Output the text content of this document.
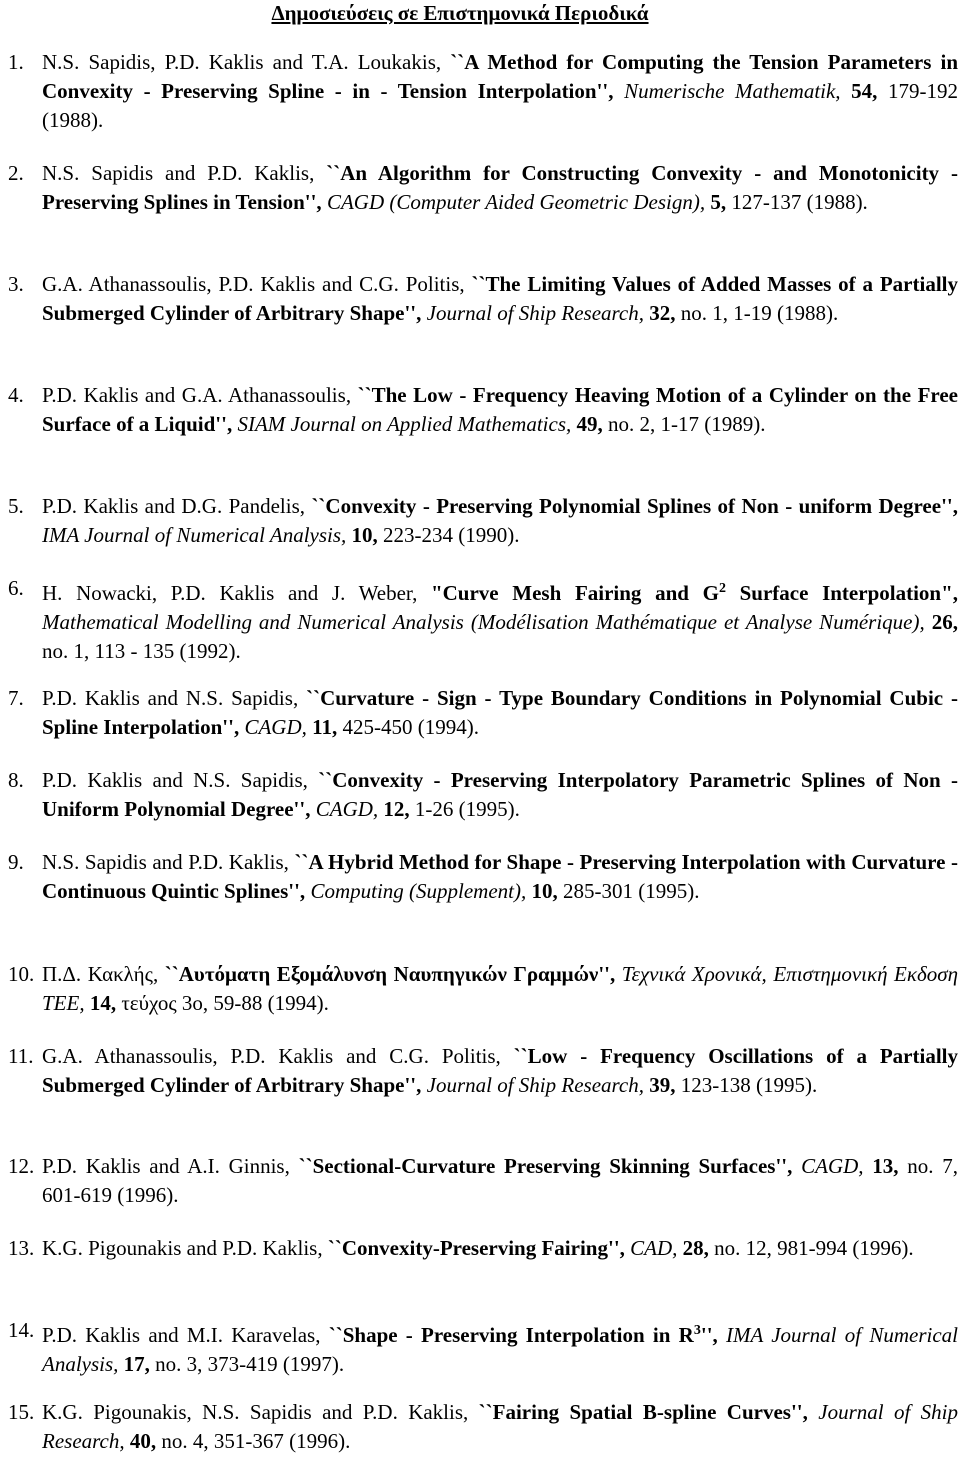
Δημοσιεύσεις σε Επιστημονικά Περιοδικά
1. N.S. Sapidis, P.D. Kaklis and T.A. Loukakis, ``A Method for Computing the Tension Parameters in Convexity - Preserving Spline - in - Tension Interpolation'', Numerische Mathematik, 54, 179-192 (1988).
2. N.S. Sapidis and P.D. Kaklis, ``An Algorithm for Constructing Convexity - and Monotonicity - Preserving Splines in Tension'', CAGD (Computer Aided Geometric Design), 5, 127-137 (1988).
3. G.A. Athanassoulis, P.D. Kaklis and C.G. Politis, ``The Limiting Values of Added Masses of a Partially Submerged Cylinder of Arbitrary Shape'', Journal of Ship Research, 32, no. 1, 1-19 (1988).
4. P.D. Kaklis and G.A. Athanassoulis, ``The Low - Frequency Heaving Motion of a Cylinder on the Free Surface of a Liquid'', SIAM Journal on Applied Mathematics, 49, no. 2, 1-17 (1989).
5. P.D. Kaklis and D.G. Pandelis, ``Convexity - Preserving Polynomial Splines of Non - uniform Degree'', IMA Journal of Numerical Analysis, 10, 223-234 (1990).
6. H. Nowacki, P.D. Kaklis and J. Weber, "Curve Mesh Fairing and $G^2$ Surface Interpolation", Mathematical Modelling and Numerical Analysis (Modélisation Mathématique et Analyse Numérique), 26, no. 1, 113 - 135 (1992).
7. P.D. Kaklis and N.S. Sapidis, ``Curvature - Sign - Type Boundary Conditions in Polynomial Cubic - Spline Interpolation'', CAGD, 11, 425-450 (1994).
8. P.D. Kaklis and N.S. Sapidis, ``Convexity - Preserving Interpolatory Parametric Splines of Non - Uniform Polynomial Degree'', CAGD, 12, 1-26 (1995).
9. N.S. Sapidis and P.D. Kaklis, ``A Hybrid Method for Shape - Preserving Interpolation with Curvature - Continuous Quintic Splines'', Computing (Supplement), 10, 285-301 (1995).
10. Π.Δ. Κακλής, ``Αυτόματη Εξομάλυνση Ναυπηγικών Γραμμών'', Τεχνικά Χρονικά, Επιστημονική Εκδοση ΤΕΕ, 14, τεύχος 3ο, 59-88 (1994).
11. G.A. Athanassoulis, P.D. Kaklis and C.G. Politis, ``Low - Frequency Oscillations of a Partially Submerged Cylinder of Arbitrary Shape'', Journal of Ship Research, 39, 123-138 (1995).
12. P.D. Kaklis and A.I. Ginnis, ``Sectional-Curvature Preserving Skinning Surfaces'', CAGD, 13, no. 7, 601-619 (1996).
13. K.G. Pigounakis and P.D. Kaklis, ``Convexity-Preserving Fairing'', CAD, 28, no. 12, 981-994 (1996).
14. P.D. Kaklis and M.I. Karavelas, ``Shape - Preserving Interpolation in $R^3''$, IMA Journal of Numerical Analysis, 17, no. 3, 373-419 (1997).
15. K.G. Pigounakis, N.S. Sapidis and P.D. Kaklis, ``Fairing Spatial B-spline Curves'', Journal of Ship Research, 40, no. 4, 351-367 (1996).
